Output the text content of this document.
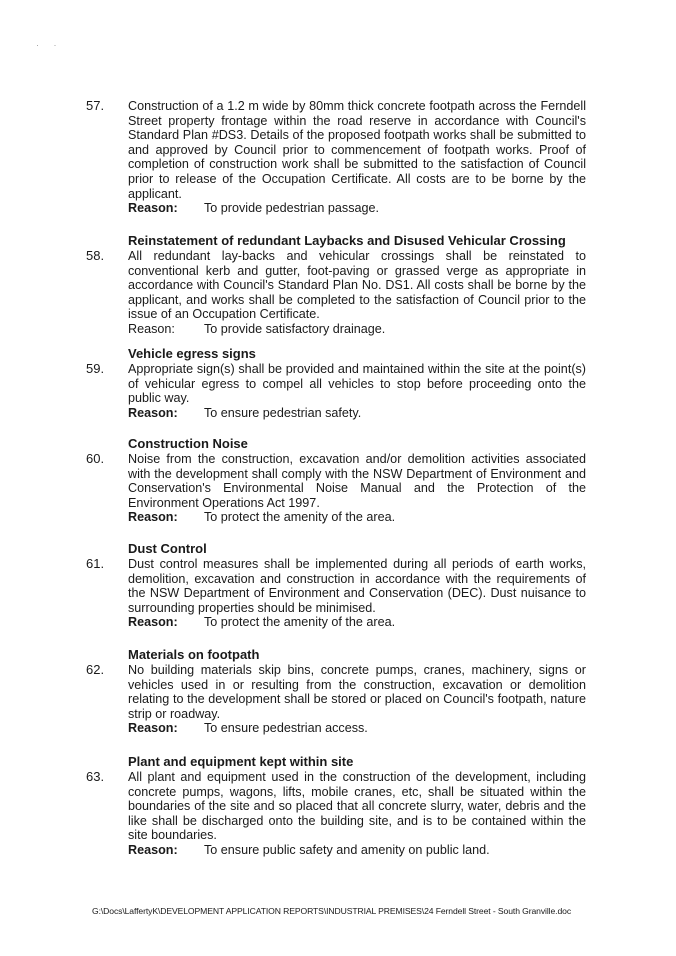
· ·
57. Construction of a 1.2 m wide by 80mm thick concrete footpath across the Ferndell Street property frontage within the road reserve in accordance with Council's Standard Plan #DS3. Details of the proposed footpath works shall be submitted to and approved by Council prior to commencement of footpath works. Proof of completion of construction work shall be submitted to the satisfaction of Council prior to release of the Occupation Certificate. All costs are to be borne by the applicant.
Reason: To provide pedestrian passage.
Reinstatement of redundant Laybacks and Disused Vehicular Crossing
58. All redundant lay-backs and vehicular crossings shall be reinstated to conventional kerb and gutter, foot-paving or grassed verge as appropriate in accordance with Council's Standard Plan No. DS1. All costs shall be borne by the applicant, and works shall be completed to the satisfaction of Council prior to the issue of an Occupation Certificate.
Reason: To provide satisfactory drainage.
Vehicle egress signs
59. Appropriate sign(s) shall be provided and maintained within the site at the point(s) of vehicular egress to compel all vehicles to stop before proceeding onto the public way.
Reason: To ensure pedestrian safety.
Construction Noise
60. Noise from the construction, excavation and/or demolition activities associated with the development shall comply with the NSW Department of Environment and Conservation's Environmental Noise Manual and the Protection of the Environment Operations Act 1997.
Reason: To protect the amenity of the area.
Dust Control
61. Dust control measures shall be implemented during all periods of earth works, demolition, excavation and construction in accordance with the requirements of the NSW Department of Environment and Conservation (DEC). Dust nuisance to surrounding properties should be minimised.
Reason: To protect the amenity of the area.
Materials on footpath
62. No building materials skip bins, concrete pumps, cranes, machinery, signs or vehicles used in or resulting from the construction, excavation or demolition relating to the development shall be stored or placed on Council's footpath, nature strip or roadway.
Reason: To ensure pedestrian access.
Plant and equipment kept within site
63. All plant and equipment used in the construction of the development, including concrete pumps, wagons, lifts, mobile cranes, etc, shall be situated within the boundaries of the site and so placed that all concrete slurry, water, debris and the like shall be discharged onto the building site, and is to be contained within the site boundaries.
Reason: To ensure public safety and amenity on public land.
G:\Docs\LaffertyK\DEVELOPMENT APPLICATION REPORTS\INDUSTRIAL PREMISES\24 Ferndell Street - South Granville.doc
